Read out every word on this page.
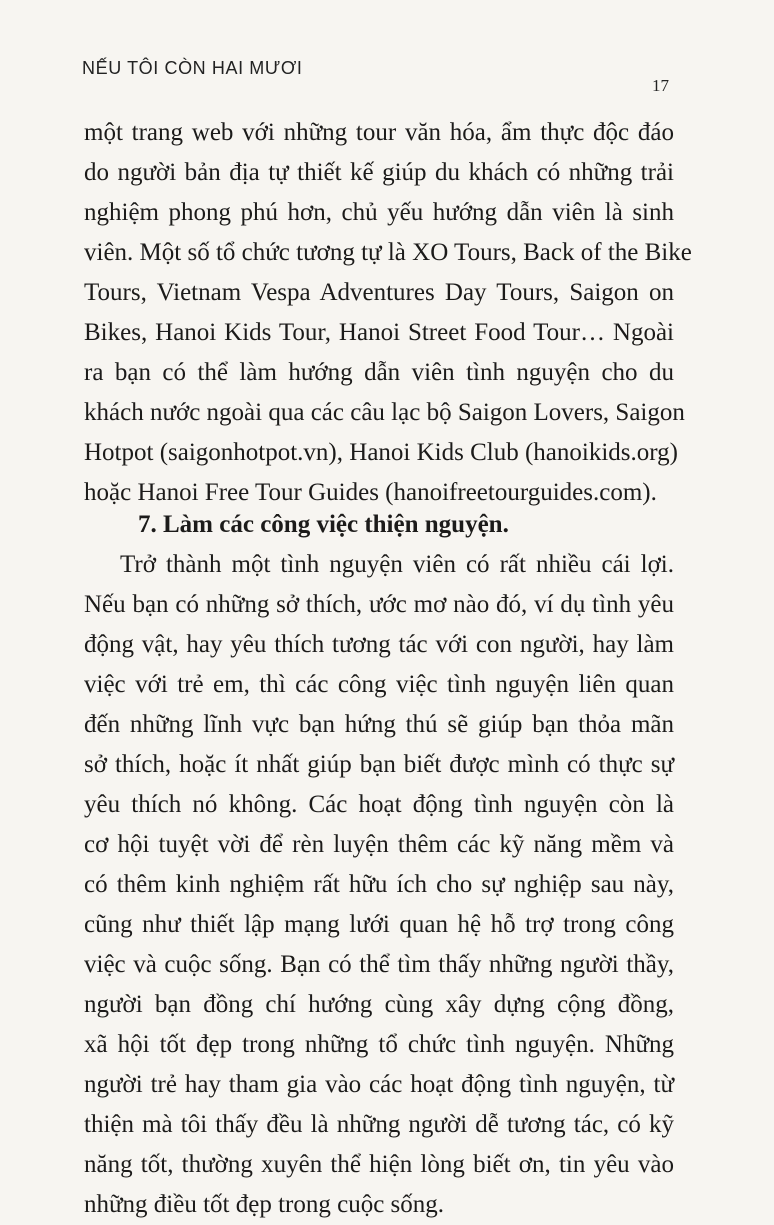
NẾU TÔI CÒN HAI MƯƠI
17
một trang web với những tour văn hóa, ẩm thực độc đáo
do người bản địa tự thiết kế giúp du khách có những trải
nghiệm phong phú hơn, chủ yếu hướng dẫn viên là sinh
viên. Một số tổ chức tương tự là XO Tours, Back of the Bike
Tours, Vietnam Vespa Adventures Day Tours, Saigon on
Bikes, Hanoi Kids Tour, Hanoi Street Food Tour… Ngoài
ra bạn có thể làm hướng dẫn viên tình nguyện cho du
khách nước ngoài qua các câu lạc bộ Saigon Lovers, Saigon
Hotpot (saigonhotpot.vn), Hanoi Kids Club (hanoikids.org)
hoặc Hanoi Free Tour Guides (hanoifreetourguides.com).
7. Làm các công việc thiện nguyện.
Trở thành một tình nguyện viên có rất nhiều cái lợi.
Nếu bạn có những sở thích, ước mơ nào đó, ví dụ tình yêu
động vật, hay yêu thích tương tác với con người, hay làm
việc với trẻ em, thì các công việc tình nguyện liên quan
đến những lĩnh vực bạn hứng thú sẽ giúp bạn thỏa mãn
sở thích, hoặc ít nhất giúp bạn biết được mình có thực sự
yêu thích nó không. Các hoạt động tình nguyện còn là
cơ hội tuyệt vời để rèn luyện thêm các kỹ năng mềm và
có thêm kinh nghiệm rất hữu ích cho sự nghiệp sau này,
cũng như thiết lập mạng lưới quan hệ hỗ trợ trong công
việc và cuộc sống. Bạn có thể tìm thấy những người thầy,
người bạn đồng chí hướng cùng xây dựng cộng đồng,
xã hội tốt đẹp trong những tổ chức tình nguyện. Những
người trẻ hay tham gia vào các hoạt động tình nguyện, từ
thiện mà tôi thấy đều là những người dễ tương tác, có kỹ
năng tốt, thường xuyên thể hiện lòng biết ơn, tin yêu vào
những điều tốt đẹp trong cuộc sống.
